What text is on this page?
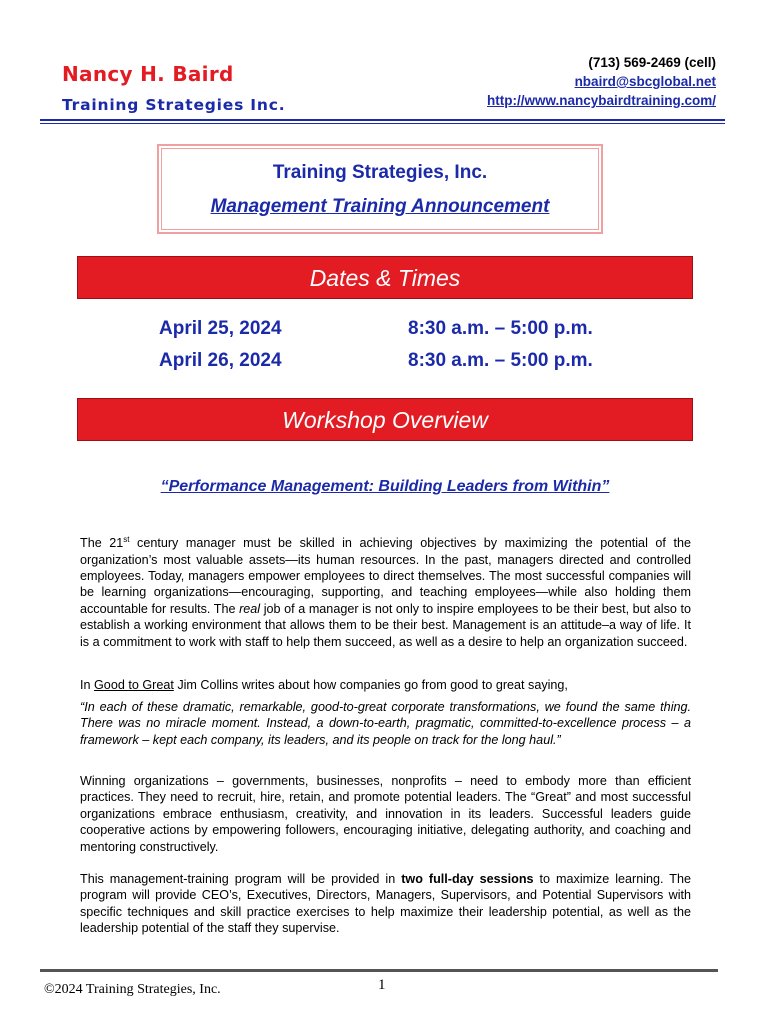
Nancy H. Baird
Training Strategies Inc.
(713) 569-2469 (cell)
nbaird@sbcglobal.net
http://www.nancybairdtraining.com/
Training Strategies, Inc.
Management Training Announcement
Dates & Times
April 25, 2024	8:30 a.m. – 5:00 p.m.
April 26, 2024	8:30 a.m. – 5:00 p.m.
Workshop Overview
“Performance Management: Building Leaders from Within”

The 21st century manager must be skilled in achieving objectives by maximizing the potential of the organization’s most valuable assets—its human resources. In the past, managers directed and controlled employees. Today, managers empower employees to direct themselves. The most successful companies will be learning organizations—encouraging, supporting, and teaching employees—while also holding them accountable for results. The real job of a manager is not only to inspire employees to be their best, but also to establish a working environment that allows them to be their best. Management is an attitude–a way of life. It is a commitment to work with staff to help them succeed, as well as a desire to help an organization succeed.

In Good to Great Jim Collins writes about how companies go from good to great saying,

“In each of these dramatic, remarkable, good-to-great corporate transformations, we found the same thing. There was no miracle moment. Instead, a down-to-earth, pragmatic, committed-to-excellence process – a framework – kept each company, its leaders, and its people on track for the long haul.”

Winning organizations – governments, businesses, nonprofits – need to embody more than efficient practices. They need to recruit, hire, retain, and promote potential leaders. The “Great” and most successful organizations embrace enthusiasm, creativity, and innovation in its leaders. Successful leaders guide cooperative actions by empowering followers, encouraging initiative, delegating authority, and coaching and mentoring constructively.

This management-training program will be provided in two full-day sessions to maximize learning. The program will provide CEO’s, Executives, Directors, Managers, Supervisors, and Potential Supervisors with specific techniques and skill practice exercises to help maximize their leadership potential, as well as the leadership potential of the staff they supervise.

©2024 Training Strategies, Inc.	1
